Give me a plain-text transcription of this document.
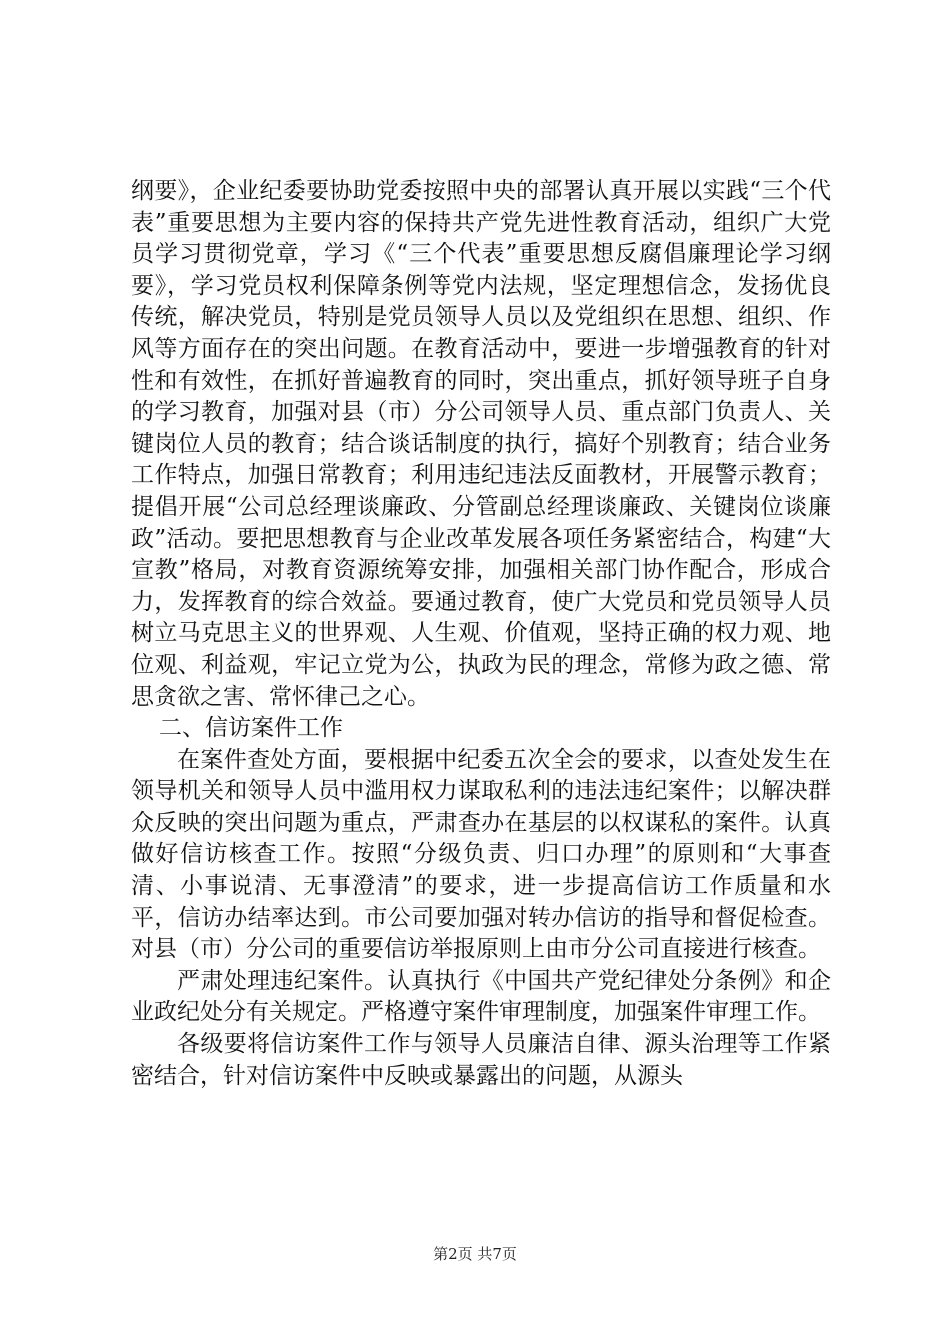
纲要》，企业纪委要协助党委按照中央的部署认真开展以实践“三个代表”重要思想为主要内容的保持共产党先进性教育活动，组织广大党员学习贯彻党章，学习《“三个代表”重要思想反腐倡廉理论学习纲要》，学习党员权利保障条例等党内法规，坚定理想信念，发扬优良传统，解决党员，特别是党员领导人员以及党组织在思想、组织、作风等方面存在的突出问题。在教育活动中，要进一步增强教育的针对性和有效性，在抓好普遍教育的同时，突出重点，抓好领导班子自身的学习教育，加强对县（市）分公司领导人员、重点部门负责人、关键岗位人员的教育；结合谈话制度的执行，搞好个别教育；结合业务工作特点，加强日常教育；利用违纪违法反面教材，开展警示教育；提倡开展“公司总经理谈廉政、分管副总经理谈廉政、关键岗位谈廉政”活动。要把思想教育与企业改革发展各项任务紧密结合，构建“大宣教”格局，对教育资源统筹安排，加强相关部门协作配合，形成合力，发挥教育的综合效益。要通过教育，使广大党员和党员领导人员树立马克思主义的世界观、人生观、价值观，坚持正确的权力观、地位观、利益观，牢记立党为公，执政为民的理念，常修为政之德、常思贪欲之害、常怀律己之心。

二、信访案件工作

在案件查处方面，要根据中纪委五次全会的要求，以查处发生在领导机关和领导人员中滥用权力谋取私利的违法违纪案件；以解决群众反映的突出问题为重点，严肃查办在基层的以权谋私的案件。认真做好信访核查工作。按照“分级负责、归口办理”的原则和“大事查清、小事说清、无事澄清”的要求，进一步提高信访工作质量和水平，信访办结率达到。市公司要加强对转办信访的指导和督促检查。对县（市）分公司的重要信访举报原则上由市分公司直接进行核查。

严肃处理违纪案件。认真执行《中国共产党纪律处分条例》和企业政纪处分有关规定。严格遵守案件审理制度，加强案件审理工作。

各级要将信访案件工作与领导人员廉洁自律、源头治理等工作紧密结合，针对信访案件中反映或暴露出的问题，从源头

第2页 共7页
